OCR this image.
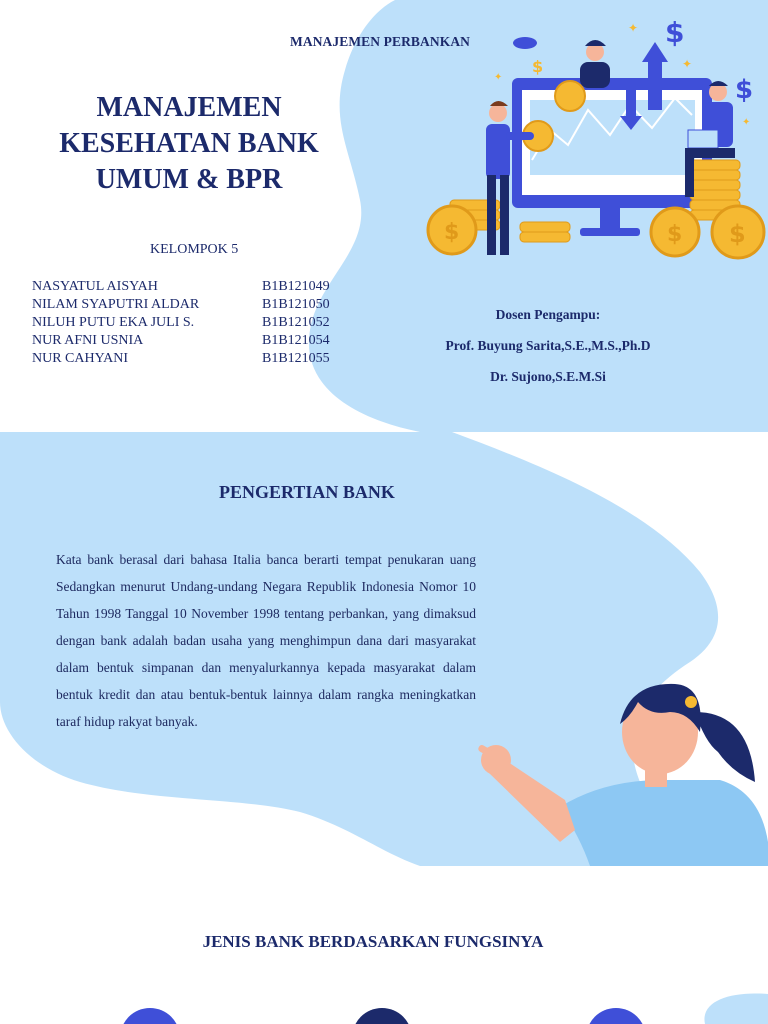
$
$
$
✦
✦
✦
✦
$	$ $
MANAJEMEN PERBANKAN
MANAJEMEN
KESEHATAN BANK
UMUM & BPR
KELOMPOK 5
NASYATUL AISYAH	B1B121049
NILAM SYAPUTRI ALDAR	B1B121050
NILUH PUTU EKA JULI S.	B1B121052
NUR AFNI USNIA	B1B121054
NUR CAHYANI	B1B121055
Dosen Pengampu:
Prof. Buyung Sarita,S.E.,M.S.,Ph.D
Dr. Sujono,S.E.M.Si
PENGERTIAN BANK

Kata bank berasal dari bahasa Italia banca berarti tempat penukaran uang Sedangkan menurut Undang-undang Negara Republik Indonesia Nomor 10 Tahun 1998 Tanggal 10 November 1998 tentang perbankan, yang dimaksud dengan bank adalah badan usaha yang menghimpun dana dari masyarakat dalam bentuk simpanan dan menyalurkannya kepada masyarakat dalam bentuk kredit dan atau bentuk-bentuk lainnya dalam rangka meningkatkan taraf hidup rakyat banyak.

JENIS BANK BERDASARKAN FUNGSINYA
